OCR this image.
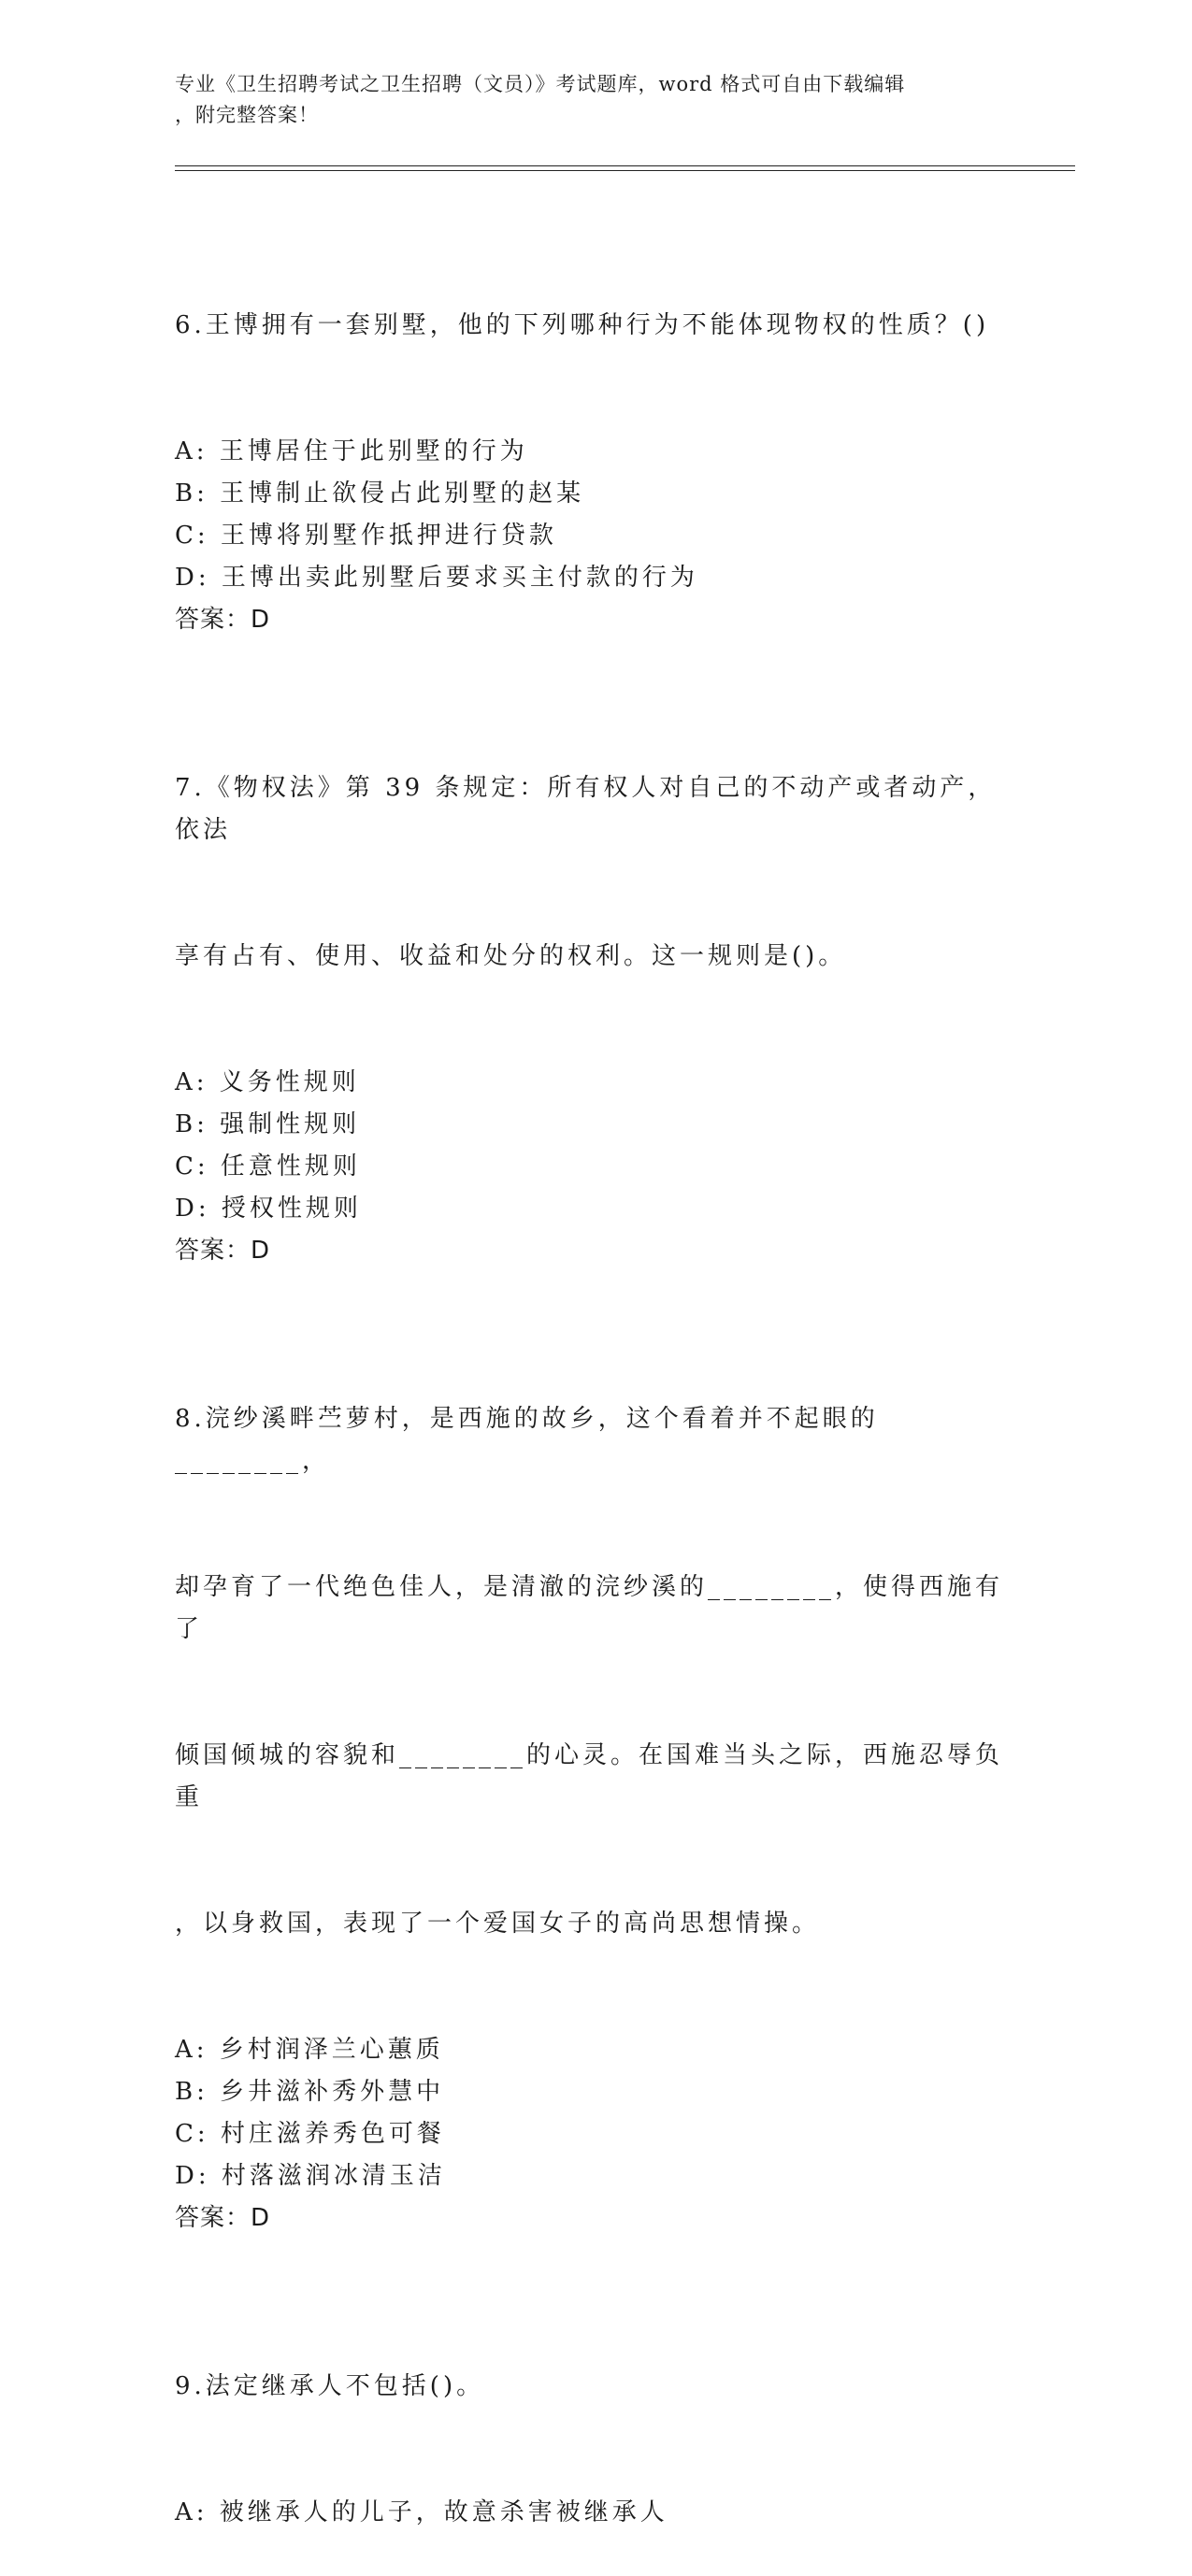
专业《卫生招聘考试之卫生招聘（文员）》考试题库，word 格式可自由下载编辑
，附完整答案！

6.王博拥有一套别墅，他的下列哪种行为不能体现物权的性质？()

A: 王博居住于此别墅的行为
B: 王博制止欲侵占此别墅的赵某
C: 王博将别墅作抵押进行贷款
D: 王博出卖此别墅后要求买主付款的行为
答案：D

7.《物权法》第 39 条规定：所有权人对自己的不动产或者动产，依法

享有占有、使用、收益和处分的权利。这一规则是()。

A: 义务性规则
B: 强制性规则
C: 任意性规则
D: 授权性规则
答案：D

8.浣纱溪畔苎萝村，是西施的故乡，这个看着并不起眼的________，

却孕育了一代绝色佳人，是清澈的浣纱溪的________，使得西施有了

倾国倾城的容貌和________的心灵。在国难当头之际，西施忍辱负重

，以身救国，表现了一个爱国女子的高尚思想情操。

A: 乡村润泽兰心蕙质
B: 乡井滋补秀外慧中
C: 村庄滋养秀色可餐
D: 村落滋润冰清玉洁
答案：D

9.法定继承人不包括()。

A: 被继承人的儿子，故意杀害被继承人
